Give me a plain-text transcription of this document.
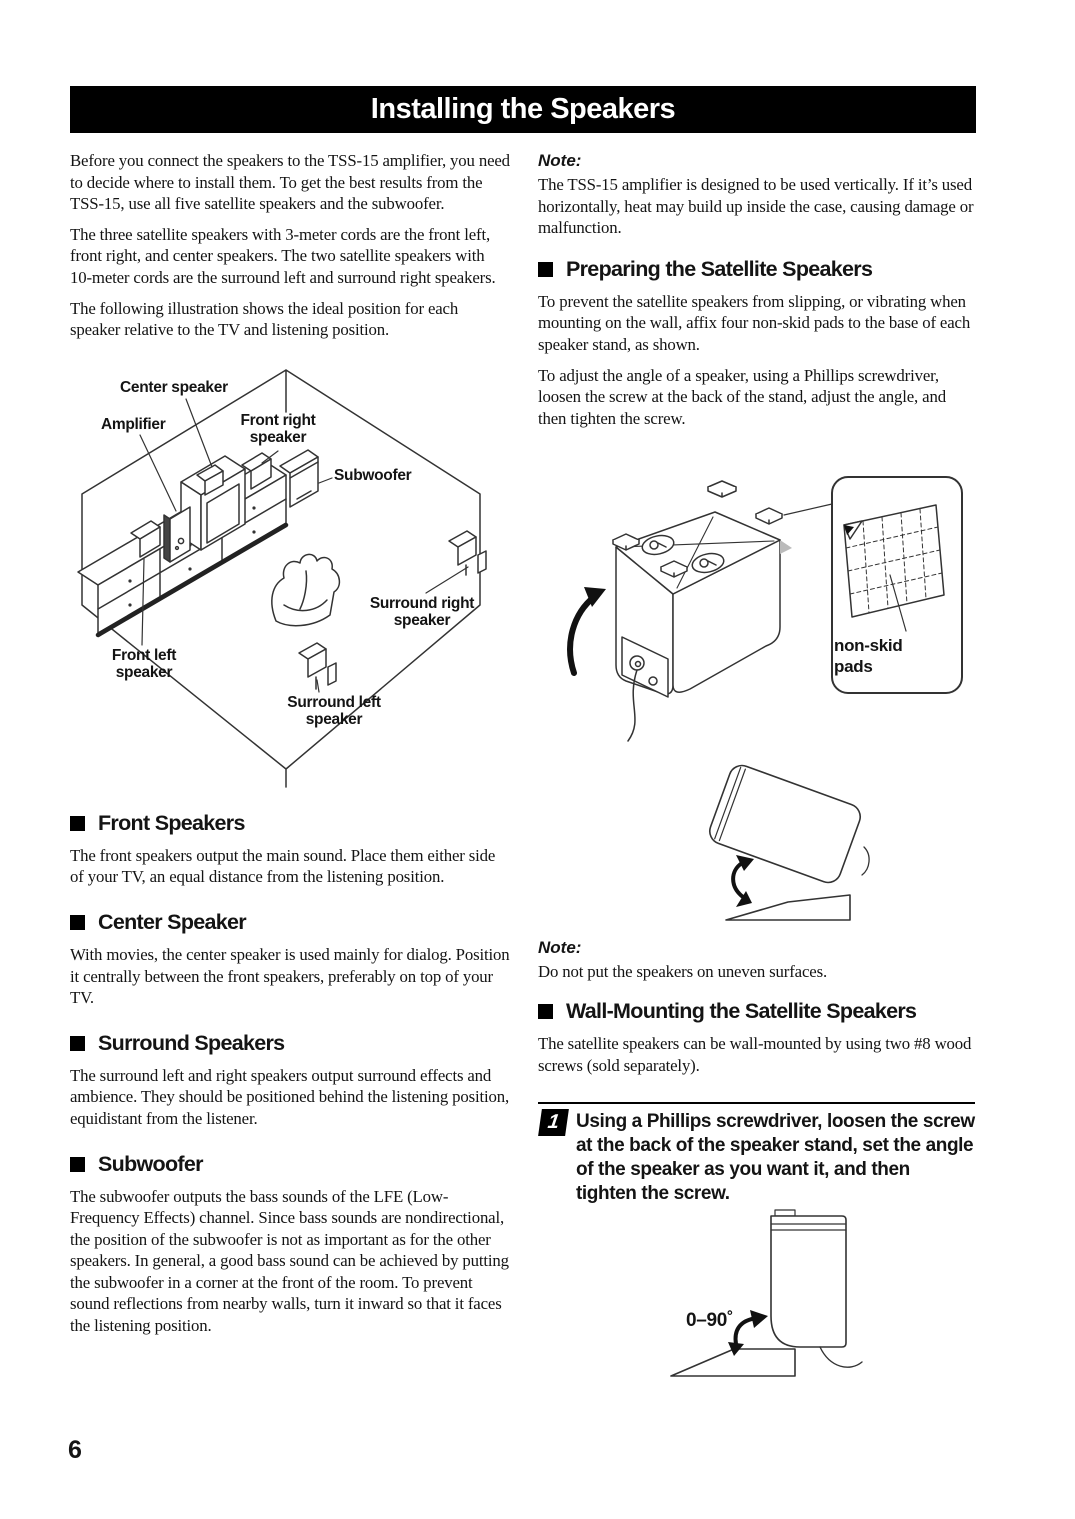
Installing the Speakers

Before you connect the speakers to the TSS-15 amplifier, you need to decide where to install them. To get the best results from the TSS-15, use all five satellite speakers and the subwoofer.

The three satellite speakers with 3-meter cords are the front left, front right, and center speakers. The two satellite speakers with 10-meter cords are the surround left and surround right speakers.

The following illustration shows the ideal position for each speaker relative to the TV and listening position.

Center speaker
Amplifier	Front right speaker
Subwoofer
Surround right speaker
Front left speaker
Surround left speaker
Front Speakers

The front speakers output the main sound. Place them either side of your TV, an equal distance from the listening position.

Center Speaker

With movies, the center speaker is used mainly for dialog. Position it centrally between the front speakers, preferably on top of your TV.

Surround Speakers

The surround left and right speakers output surround effects and ambience. They should be positioned behind the listening position, equidistant from the listener.

Subwoofer

The subwoofer outputs the bass sounds of the LFE (Low-Frequency Effects) channel. Since bass sounds are nondirectional, the position of the subwoofer is not as important as for the other speakers. In general, a good bass sound can be achieved by putting the subwoofer in a corner at the front of the room. To prevent sound reflections from nearby walls, turn it inward so that it faces the listening position.

Note:

The TSS-15 amplifier is designed to be used vertically. If it’s used horizontally, heat may build up inside the case, causing damage or malfunction.

Preparing the Satellite Speakers

To prevent the satellite speakers from slipping, or vibrating when mounting on the wall, affix four non-skid pads to the base of each speaker stand, as shown.

To adjust the angle of a speaker, using a Phillips screwdriver, loosen the screw at the back of the stand, adjust the angle, and then tighten the screw.

non-skid pads

Note:

Do not put the speakers on uneven surfaces.

Wall-Mounting the Satellite Speakers

The satellite speakers can be wall-mounted by using two #8 wood screws (sold separately).

1 Using a Phillips screwdriver, loosen the screw at the back of the speaker stand, set the angle of the speaker as you want it, and then tighten the screw.

0–90˚
6
